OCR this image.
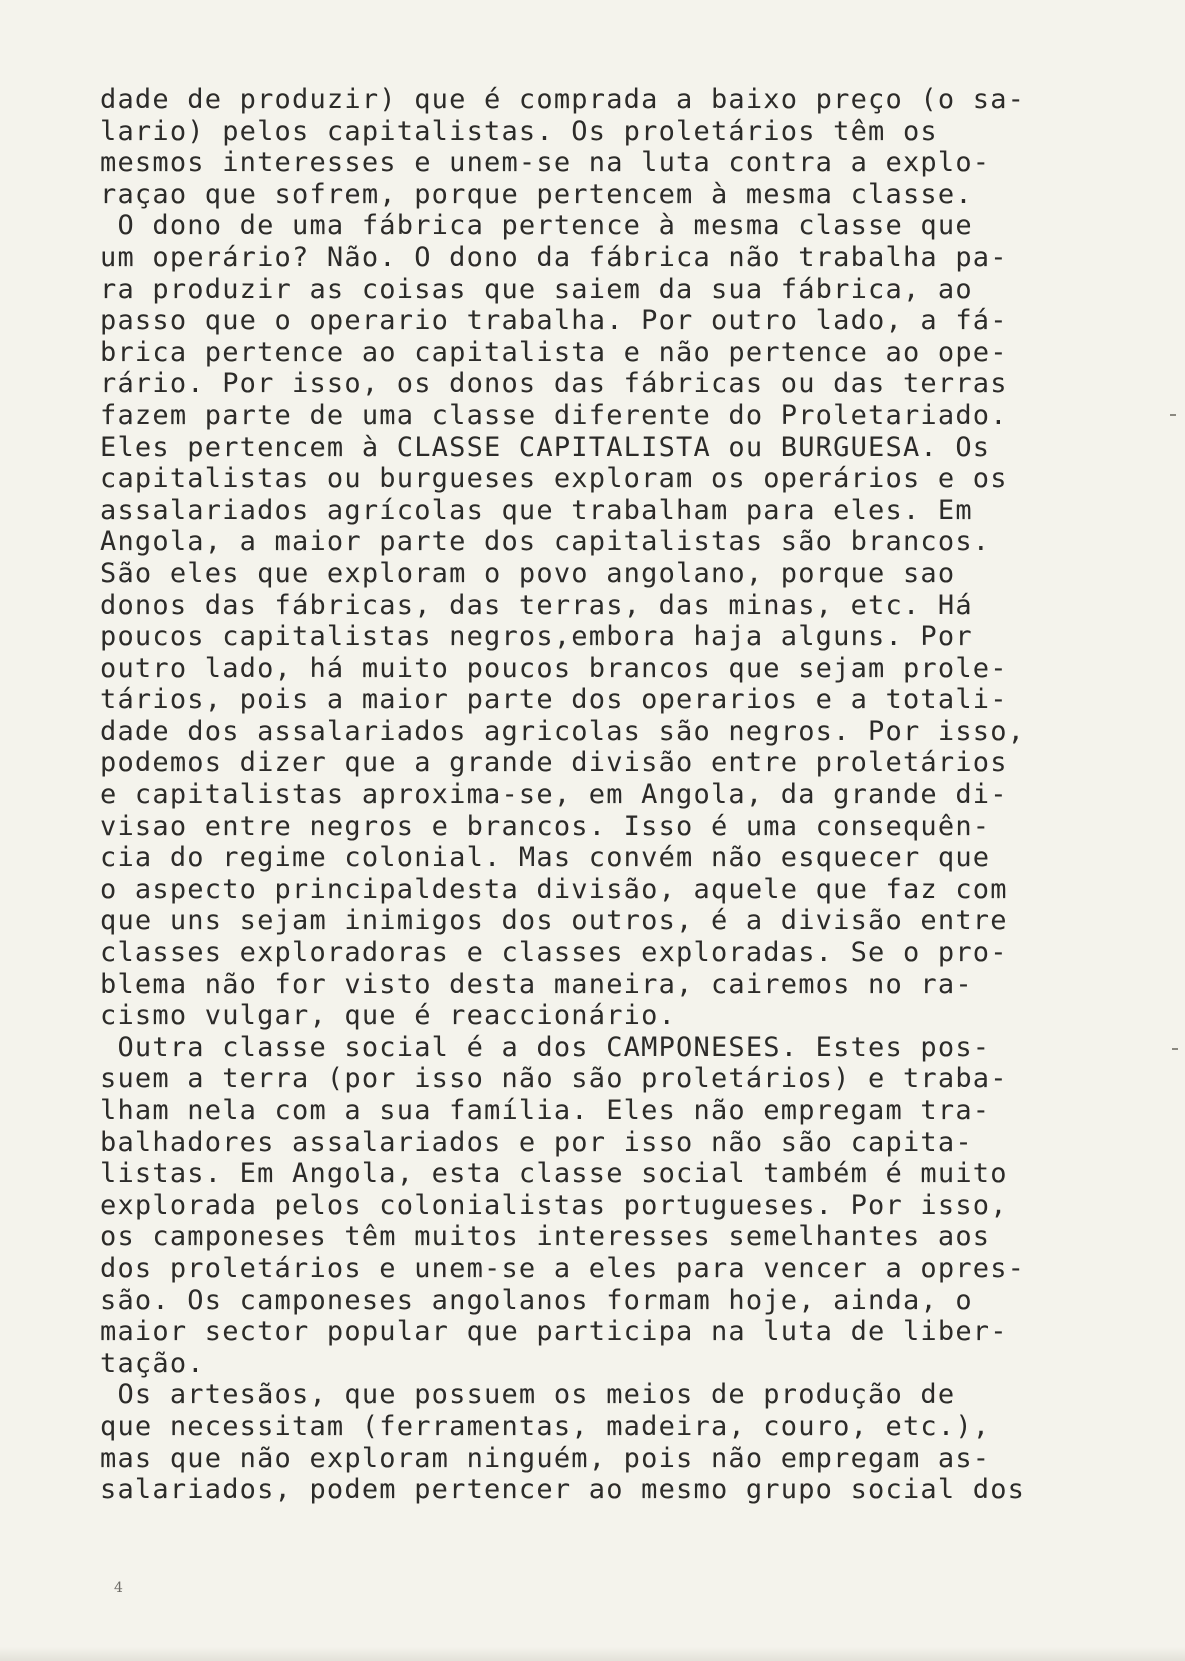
dade de produzir) que é comprada a baixo preço (o sa-
lario) pelos capitalistas. Os proletários têm os
mesmos interesses e unem-se na luta contra a explo-
raçao que sofrem, porque pertencem à mesma classe.
O dono de uma fábrica pertence à mesma classe que
um operário? Não. O dono da fábrica não trabalha pa-
ra produzir as coisas que saiem da sua fábrica, ao
passo que o operario trabalha. Por outro lado, a fá-
brica pertence ao capitalista e não pertence ao ope-
rário. Por isso, os donos das fábricas ou das terras
fazem parte de uma classe diferente do Proletariado.
Eles pertencem à CLASSE CAPITALISTA ou BURGUESA. Os
capitalistas ou burgueses exploram os operários e os
assalariados agrícolas que trabalham para eles. Em
Angola, a maior parte dos capitalistas são brancos.
São eles que exploram o povo angolano, porque sao
donos das fábricas, das terras, das minas, etc. Há
poucos capitalistas negros,embora haja alguns. Por
outro lado, há muito poucos brancos que sejam prole-
tários, pois a maior parte dos operarios e a totali-
dade dos assalariados agricolas são negros. Por isso,
podemos dizer que a grande divisão entre proletários
e capitalistas aproxima-se, em Angola, da grande di-
visao entre negros e brancos. Isso é uma consequên-
cia do regime colonial. Mas convém não esquecer que
o aspecto principaldesta divisão, aquele que faz com
que uns sejam inimigos dos outros, é a divisão entre
classes exploradoras e classes exploradas. Se o pro-
blema não for visto desta maneira, cairemos no ra-
cismo vulgar, que é reaccionário.
Outra classe social é a dos CAMPONESES. Estes pos-
suem a terra (por isso não são proletários) e traba-
lham nela com a sua família. Eles não empregam tra-
balhadores assalariados e por isso não são capita-
listas. Em Angola, esta classe social também é muito
explorada pelos colonialistas portugueses. Por isso,
os camponeses têm muitos interesses semelhantes aos
dos proletários e unem-se a eles para vencer a opres-
são. Os camponeses angolanos formam hoje, ainda, o
maior sector popular que participa na luta de liber-
tação.
Os artesãos, que possuem os meios de produção de
que necessitam (ferramentas, madeira, couro, etc.),
mas que não exploram ninguém, pois não empregam as-
salariados, podem pertencer ao mesmo grupo social dos
4
